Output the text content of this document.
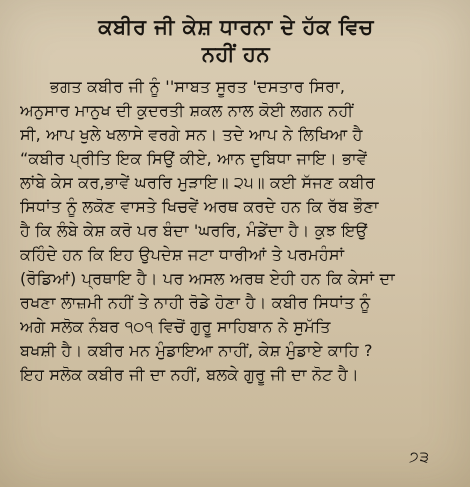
ਕਬੀਰ ਜੀ ਕੇਸ਼ ਧਾਰਨਾ ਦੇ ਹੱਕ ਵਿਚ
ਨਹੀਂ ਹਨ
ਭਗਤ ਕਬੀਰ ਜੀ ਨੂੰ ''ਸਾਬਤ ਸੂਰਤ 'ਦਸਤਾਰ ਸਿਰਾ,
ਅਨੁਸਾਰ ਮਾਨੁਖ ਦੀ ਕੁਦਰਤੀ ਸ਼ਕਲ ਨਾਲ ਕੋਈ ਲਗਨ ਨਹੀਂ
ਸੀ, ਆਪ ਖੁਲੇ ਖਲਾਸੇ ਵਰਗੇ ਸਨ। ਤਦੇ ਆਪ ਨੇ ਲਿਖਿਆ ਹੈ
“ਕਬੀਰ ਪ੍ਰੀਤਿ ਇਕ ਸਿਉਂ ਕੀਏ, ਆਨ ਦੁਬਿਧਾ ਜਾਇ। ਭਾਵੇਂ
ਲਾਂਬੇ ਕੇਸ ਕਰ,ਭਾਵੇਂ ਘਰਰਿ ਮੁੜਾਇ॥ ੨੫॥ ਕਈ ਸੱਜਣ ਕਬੀਰ
ਸਿਧਾਂਤ ਨੂੰ ਲਕੋਣ ਵਾਸਤੇ ਖਿਚਵੇਂ ਅਰਥ ਕਰਦੇ ਹਨ ਕਿ ਰੱਬ ਭੌਣਾ
ਹੈ ਕਿ ਲੰਬੇ ਕੇਸ਼ ਕਰੋ ਪਰ ਬੰਦਾ 'ਘਰਰਿ, ਮੰਡੇਂਦਾ ਹੈ। ਕੁਝ ਇਉਂ
ਕਹਿੰਦੇ ਹਨ ਕਿ ਇਹ ਉਪਦੇਸ਼ ਜਟਾ ਧਾਰੀਆਂ ਤੇ ਪਰਮਹੰਸਾਂ
(ਰੋਡਿਆਂ) ਪ੍ਰਥਾਇ ਹੈ। ਪਰ ਅਸਲ ਅਰਥ ਏਹੀ ਹਨ ਕਿ ਕੇਸਾਂ ਦਾ
ਰਖਣਾ ਲਾਜ਼ਮੀ ਨਹੀਂ ਤੇ ਨਾਹੀ ਰੋਡੇ ਹੋਣਾ ਹੈ। ਕਬੀਰ ਸਿਧਾਂਤ ਨੂੰ
ਅਗੇ ਸਲੋਕ ਨੰਬਰ ੧੦੧ ਵਿਚੋਂ ਗੁਰੂ ਸਾਹਿਬਾਨ ਨੇ ਸੁਮੱਤਿ
ਬਖਸ਼ੀ ਹੈ। ਕਬੀਰ ਮਨ ਮੁੰਡਾਇਆ ਨਾਹੀਂ, ਕੇਸ਼ ਮੁੰਡਾਏ ਕਾਹਿ ?
ਇਹ ਸਲੋਕ ਕਬੀਰ ਜੀ ਦਾ ਨਹੀਂ, ਬਲਕੇ ਗੁਰੂ ਜੀ ਦਾ ਨੋਟ ਹੈ।
੭੩
